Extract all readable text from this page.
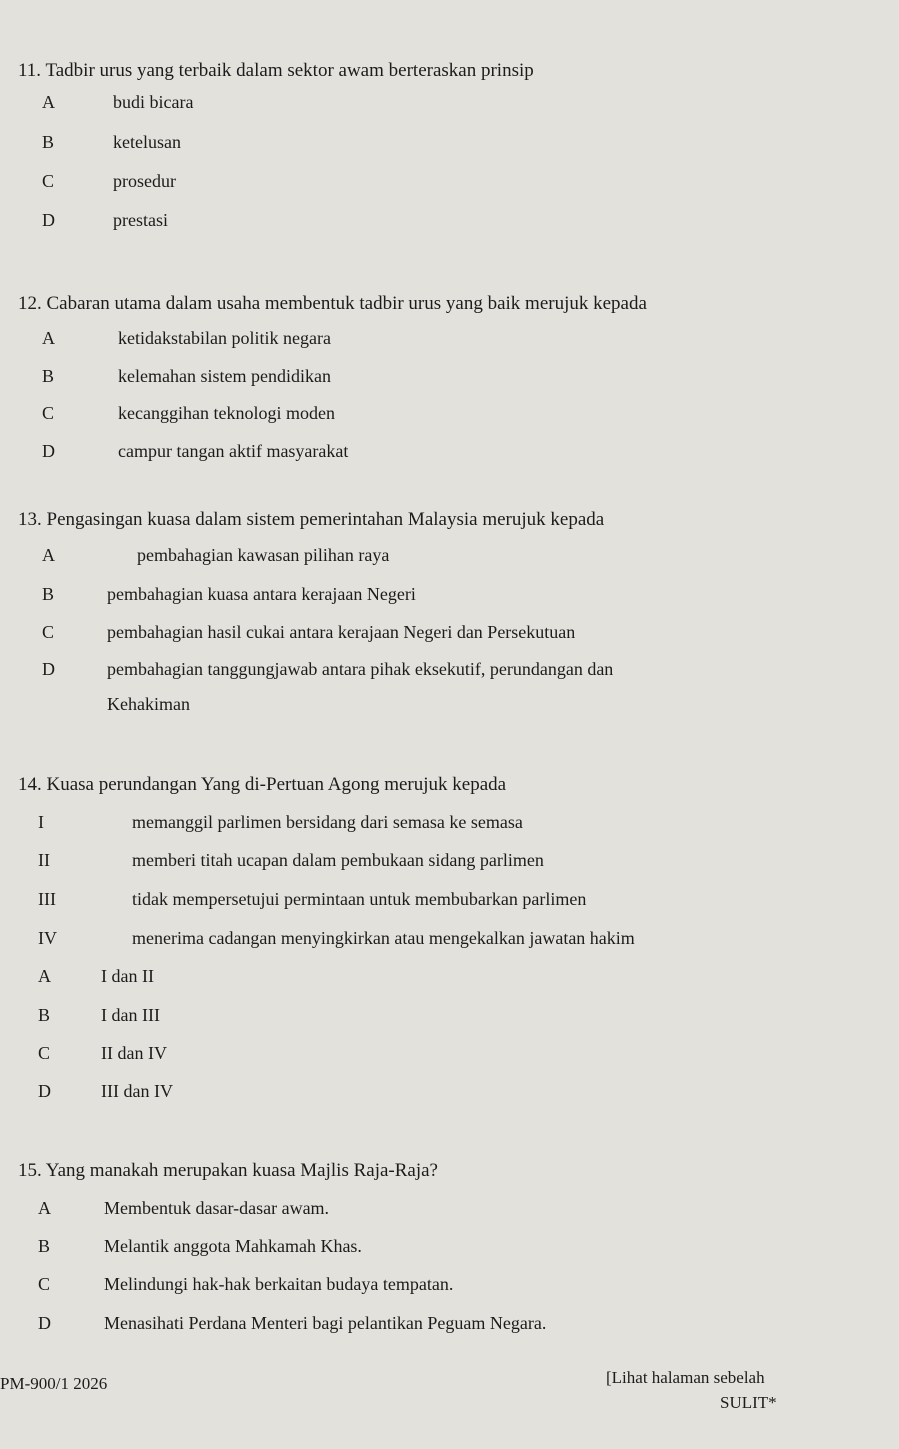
11. Tadbir urus yang terbaik dalam sektor awam berteraskan prinsip
A	budi bicara
B	ketelusan
C	prosedur
D	prestasi
12. Cabaran utama dalam usaha membentuk tadbir urus yang baik merujuk kepada
A	ketidakstabilan politik negara
B	kelemahan sistem pendidikan
C	kecanggihan teknologi moden
D	campur tangan aktif masyarakat
13. Pengasingan kuasa dalam sistem pemerintahan Malaysia merujuk kepada
A	pembahagian kawasan pilihan raya
B	pembahagian kuasa antara kerajaan Negeri
C	pembahagian hasil cukai antara kerajaan Negeri dan Persekutuan
D	pembahagian tanggungjawab antara pihak eksekutif, perundangan dan
Kehakiman
14. Kuasa perundangan Yang di-Pertuan Agong merujuk kepada
I	memanggil parlimen bersidang dari semasa ke semasa
II	memberi titah ucapan dalam pembukaan sidang parlimen
III	tidak mempersetujui permintaan untuk membubarkan parlimen
IV	menerima cadangan menyingkirkan atau mengekalkan jawatan hakim
A	I dan II
B	I dan III
C	II dan IV
D	III dan IV
15. Yang manakah merupakan kuasa Majlis Raja-Raja?
A	Membentuk dasar-dasar awam.
B	Melantik anggota Mahkamah Khas.
C	Melindungi hak-hak berkaitan budaya tempatan.
D	Menasihati Perdana Menteri bagi pelantikan Peguam Negara.
PM-900/1 2026	[Lihat halaman sebelah
SULIT*
